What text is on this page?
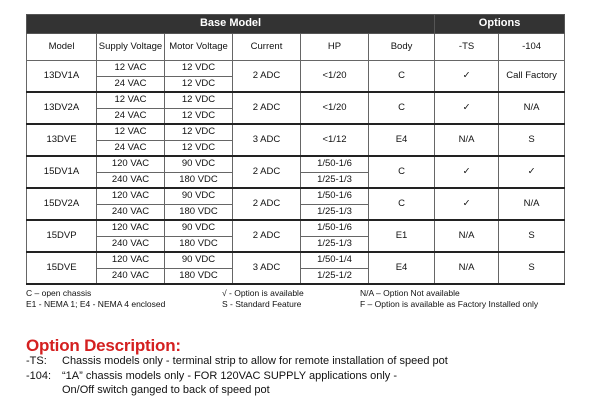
Base Model						Options	
Model	Supply Voltage	Motor Voltage	Current	HP	Body	-TS	-104
13DV1A	12 VAC	12 VDC	2 ADC	<1/20	C	✓	Call Factory
	24 VAC	12 VDC					
13DV2A	12 VAC	12 VDC	2 ADC	<1/20	C	✓	N/A
	24 VAC	12 VDC					
13DVE	12 VAC	12 VDC	3 ADC	<1/12	E4	N/A	S
	24 VAC	12 VDC					
15DV1A	120 VAC	90 VDC	2 ADC	1/50-1/6	C	✓	✓
	240 VAC	180 VDC		1/25-1/3			
15DV2A	120 VAC	90 VDC	2 ADC	1/50-1/6	C	✓	N/A
	240 VAC	180 VDC		1/25-1/3			
15DVP	120 VAC	90 VDC	2 ADC	1/50-1/6	E1	N/A	S
	240 VAC	180 VDC		1/25-1/3			
15DVE	120 VAC	90 VDC	3 ADC	1/50-1/4	E4	N/A	S
	240 VAC	180 VDC		1/25-1/2			
C – open chassis
E1 - NEMA 1; E4 - NEMA 4 enclosed
√ - Option is available
S - Standard Feature
N/A – Option Not available
F – Option is available as Factory Installed only
Option Description:
-TS: Chassis models only - terminal strip to allow for remote installation of speed pot
-104: “1A” chassis models only - FOR 120VAC SUPPLY applications only -
On/Off switch ganged to back of speed pot
